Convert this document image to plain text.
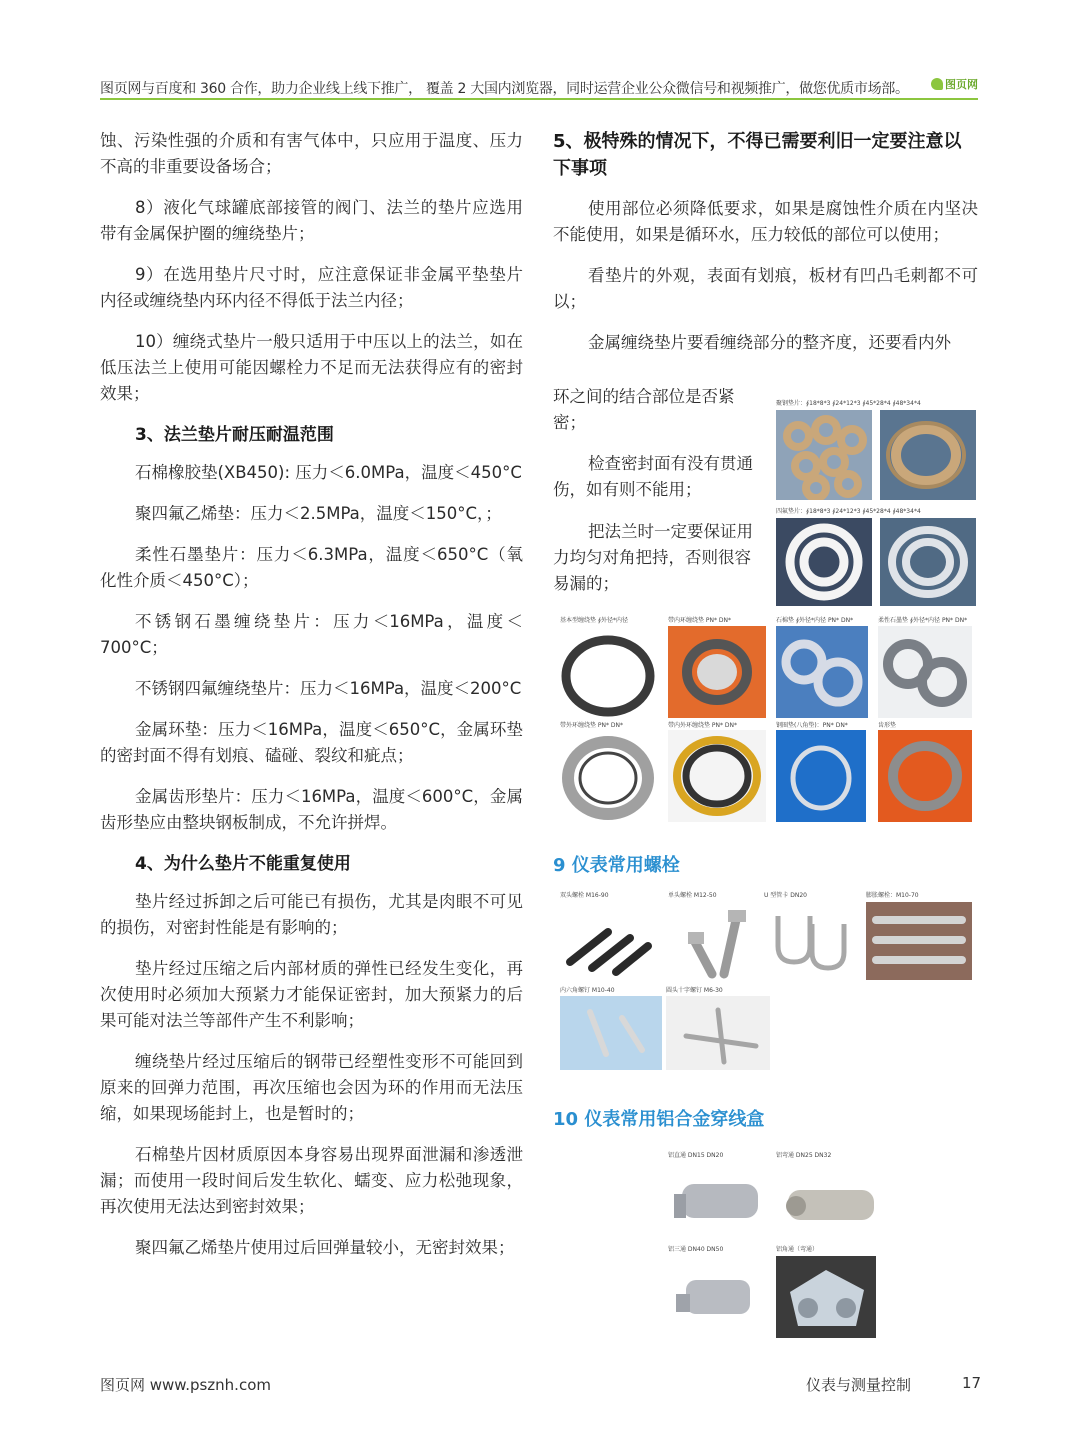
图页网与百度和 360 合作，助力企业线上线下推广， 覆盖 2 大国内浏览器，同时运营企业公众微信号和视频推广，做您优质市场部。	图页网

蚀、污染性强的介质和有害气体中，只应用于温度、压力不高的非重要设备场合；

8）液化气球罐底部接管的阀门、法兰的垫片应选用带有金属保护圈的缠绕垫片；

9）在选用垫片尺寸时，应注意保证非金属平垫垫片内径或缠绕垫内环内径不得低于法兰内径；

10）缠绕式垫片一般只适用于中压以上的法兰，如在低压法兰上使用可能因螺栓力不足而无法获得应有的密封效果；

3、法兰垫片耐压耐温范围

石棉橡胶垫(XB450): 压力＜6.0MPa，温度＜450°C

聚四氟乙烯垫：压力＜2.5MPa，温度＜150°C，；

柔性石墨垫片：压力＜6.3MPa，温度＜650°C（氧化性介质＜450°C）；

不锈钢石墨缠绕垫片：压力＜16MPa，温度＜700°C；

不锈钢四氟缠绕垫片：压力＜16MPa，温度＜200°C

金属环垫：压力＜16MPa，温度＜650°C，金属环垫的密封面不得有划痕、磕碰、裂纹和疵点；

金属齿形垫片：压力＜16MPa，温度＜600°C，金属齿形垫应由整块钢板制成，不允许拼焊。

4、为什么垫片不能重复使用

垫片经过拆卸之后可能已有损伤，尤其是肉眼不可见的损伤，对密封性能是有影响的；

垫片经过压缩之后内部材质的弹性已经发生变化，再次使用时必须加大预紧力才能保证密封，加大预紧力的后果可能对法兰等部件产生不利影响；

缠绕垫片经过压缩后的钢带已经塑性变形不可能回到原来的回弹力范围，再次压缩也会因为环的作用而无法压缩，如果现场能封上，也是暂时的；

石棉垫片因材质原因本身容易出现界面泄漏和渗透泄漏；而使用一段时间后发生软化、蠕变、应力松弛现象，再次使用无法达到密封效果；

聚四氟乙烯垫片使用过后回弹量较小，无密封效果；

5、极特殊的情况下，不得已需要利旧一定要注意以下事项

使用部位必须降低要求，如果是腐蚀性介质在内坚决不能使用，如果是循环水，压力较低的部位可以使用；

看垫片的外观，表面有划痕，板材有凹凸毛刺都不可以；

金属缠绕垫片要看缠绕部分的整齐度，还要看内外

环之间的结合部位是否紧密；
检查密封面有没有贯通伤，如有则不能用；
把法兰时一定要保证用力均匀对角把持，否则很容易漏的；
聚钢垫片：∮18*8*3 ∮24*12*3 ∮45*28*4 ∮48*34*4
四氟垫片：∮18*8*3 ∮24*12*3 ∮45*28*4 ∮48*34*4
基本型缠绕垫 ∮外径*内径	带内环缠绕垫 PN* DN*	石棉垫 ∮外径*内径 PN* DN*	柔性石墨垫 ∮外径*内径 PN* DN*
带外环缠绕垫 PN* DN*	带内外环缠绕垫 PN* DN*	钢圈垫(八角垫)：PN* DN*	齿形垫
9 仪表常用螺栓
双头螺栓 M16-90	单头螺栓 M12-50	U 型管卡 DN20	膨胀螺栓：M10-70
内六角螺钉 M10-40	圆头十字螺钉 M6-30
10 仪表常用铝合金穿线盒
铝直通 DN15 DN20	铝弯通 DN25 DN32
铝三通 DN40 DN50	铝角通（弯通）
图页网 www.psznh.com	仪表与测量控制	17
